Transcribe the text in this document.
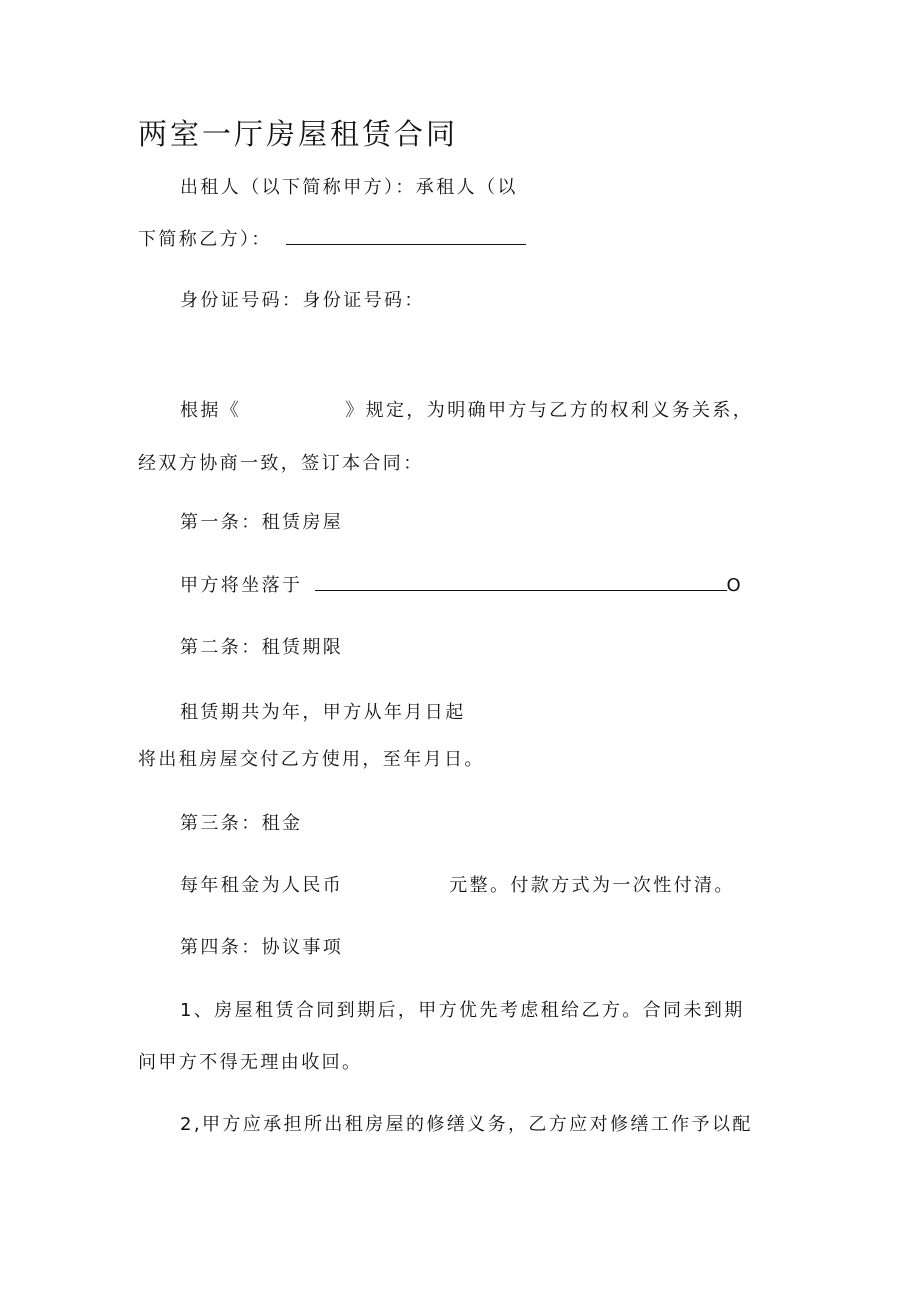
两室一厅房屋租赁合同
出租人（以下简称甲方）：承租人（以
下简称乙方）：
身份证号码：身份证号码：
根据《	》规定，为明确甲方与乙方的权利义务关系，
经双方协商一致，签订本合同：
第一条：租赁房屋
甲方将坐落于	O
第二条：租赁期限
租赁期共为年，甲方从年月日起
将出租房屋交付乙方使用，至年月日。
第三条：租金
每年租金为人民币	元整。付款方式为一次性付清。
第四条：协议事项
1、房屋租赁合同到期后，甲方优先考虑租给乙方。合同未到期
问甲方不得无理由收回。
2,甲方应承担所出租房屋的修缮义务，乙方应对修缮工作予以配
